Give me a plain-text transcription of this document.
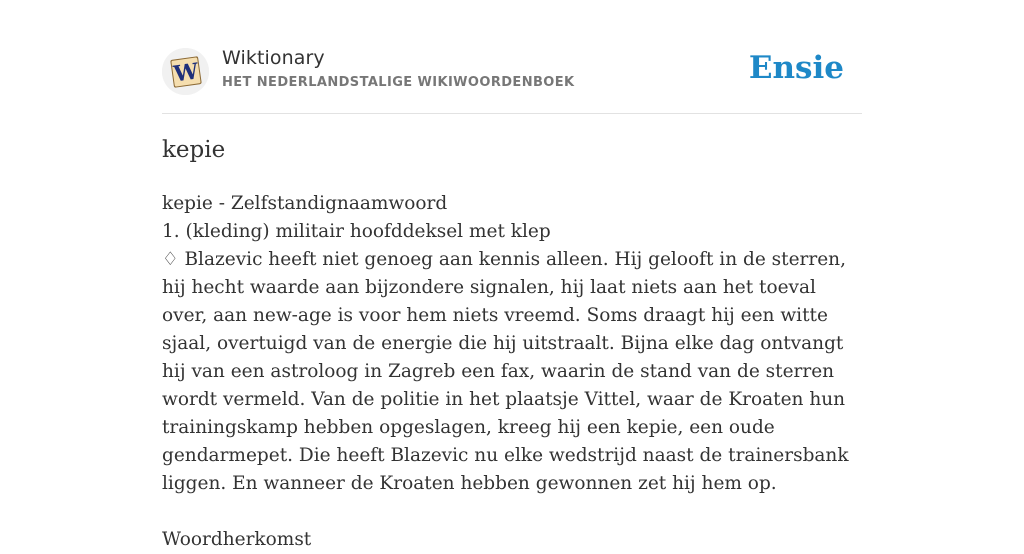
W
Wiktionary
HET NEDERLANDSTALIGE WIKIWOORDENBOEK	Ensie
kepie
kepie - Zelfstandignaamwoord
1. (kleding) militair hoofddeksel met klep
♢ Blazevic heeft niet genoeg aan kennis alleen. Hij gelooft in de sterren, hij hecht waarde aan bijzondere signalen, hij laat niets aan het toeval over, aan new-age is voor hem niets vreemd. Soms draagt hij een witte sjaal, overtuigd van de energie die hij uitstraalt. Bijna elke dag ontvangt hij van een astroloog in Zagreb een fax, waarin de stand van de sterren wordt vermeld. Van de politie in het plaatsje Vittel, waar de Kroaten hun trainingskamp hebben opgeslagen, kreeg hij een kepie, een oude gendarmepet. Die heeft Blazevic nu elke wedstrijd naast de trainersbank liggen. En wanneer de Kroaten hebben gewonnen zet hij hem op.
Woordherkomst
